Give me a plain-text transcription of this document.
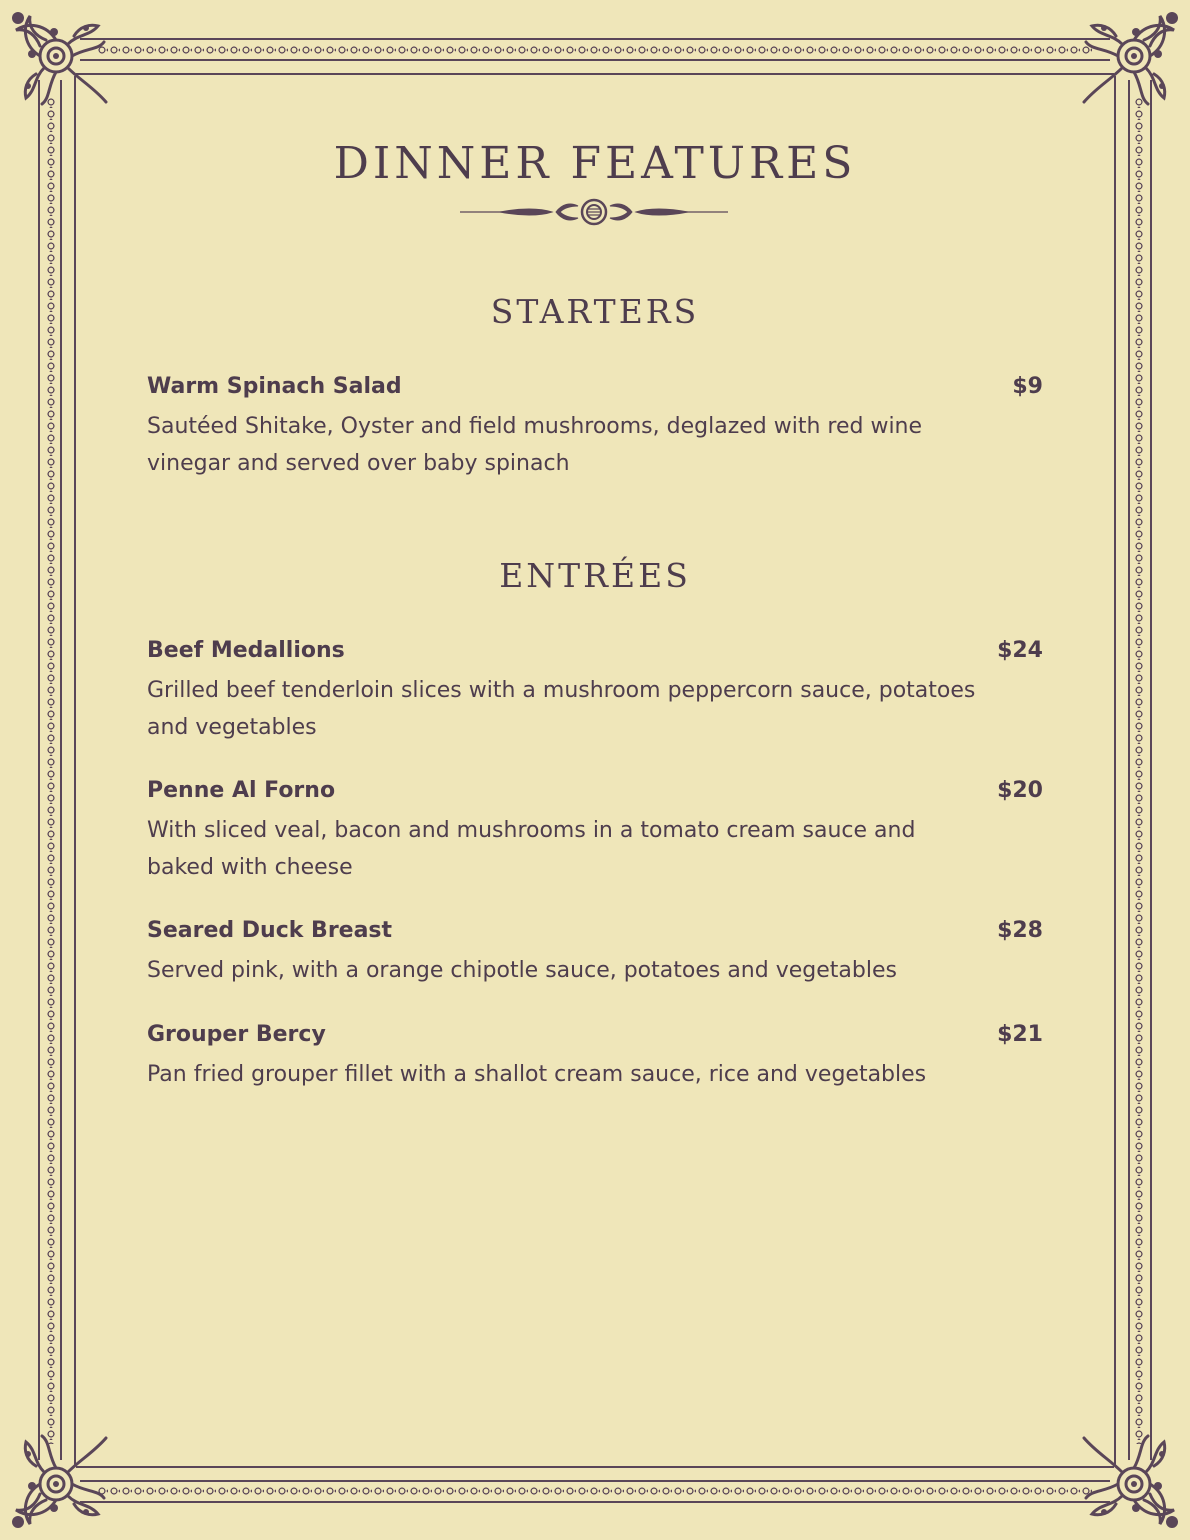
DINNER FEATURES
STARTERS
Warm Spinach Salad	$9
Sautéed Shitake, Oyster and field mushrooms, deglazed with red wine vinegar and served over baby spinach
ENTRÉES
Beef Medallions	$24
Grilled beef tenderloin slices with a mushroom peppercorn sauce, potatoes and vegetables
Penne Al Forno	$20
With sliced veal, bacon and mushrooms in a tomato cream sauce and baked with cheese
Seared Duck Breast	$28
Served pink, with a orange chipotle sauce, potatoes and vegetables
Grouper Bercy	$21
Pan fried grouper fillet with a shallot cream sauce, rice and vegetables
